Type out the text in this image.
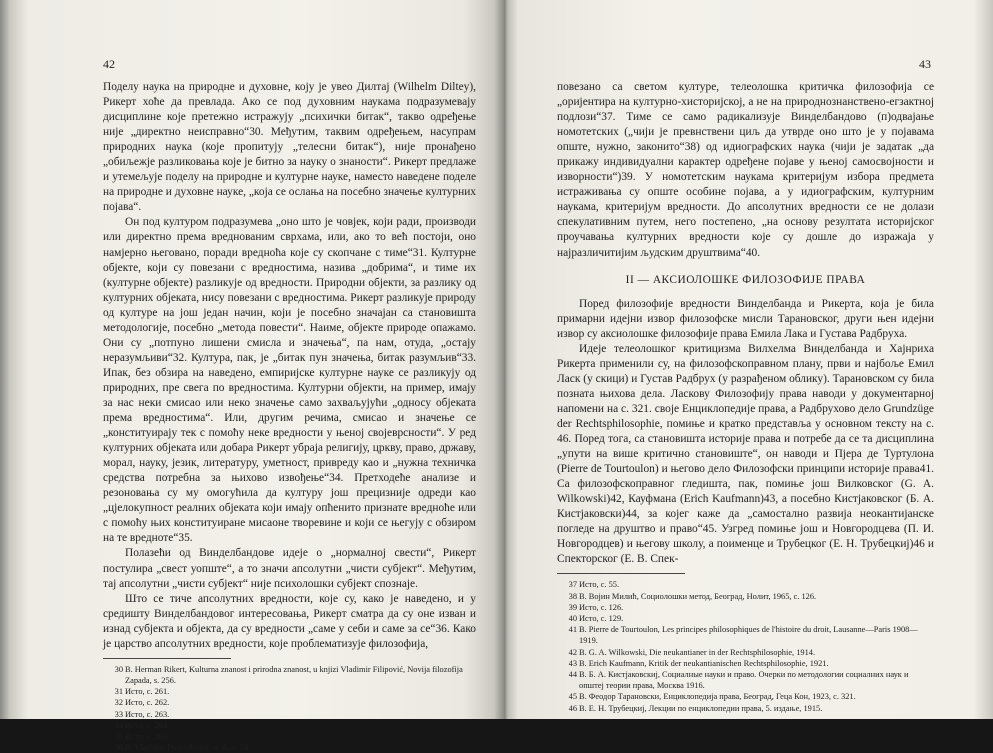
42

Поделу наука на природне и духовне, коју је увео Дилтај (Wilhelm Diltey), Рикерт хоће да превлада. Ако се под духовним наукама подразумевају дисциплине које претежно истражују „психички битак“, такво одређење није „директно неисправно“30. Међутим, таквим одређењем, насупрам природних наука (које пропитују „телесни битак“), није пронађено „обиљежје разликовања које је битно за науку о знаности“. Рикерт предлаже и утемељује поделу на природне и културне науке, наместо наведене поделе на природне и духовне науке, „која се ослања на посебно значење културних појава“.

Он под културом подразумева „оно што је човјек, који ради, производи или директно према вреднованим сврхама, или, ако то већ постоји, оно намјерно његовано, поради вредноћа које су скопчане с тиме“31. Културне објекте, који су повезани с вредностима, назива „добрима“, и тиме их (културне објекте) разликује од вредности. Природни објекти, за разлику од културних објеката, нису повезани с вредностима. Рикерт разликује природу од културе на још један начин, који је посебно значајан са становишта методологије, посебно „метода повести“. Наиме, објекте природе опажамо. Они су „потпуно лишени смисла и значења“, па нам, отуда, „остају неразумљиви“32. Култура, пак, је „битак пун значења, битак разумљив“33. Ипак, без обзира на наведено, емпиријске културне науке се разликују од природних, пре свега по вредностима. Културни објекти, на пример, имају за нас неки смисао или неко значење само захваљујући „односу објеката према вредностима“. Или, другим речима, смисао и значење се „конституирају тек с помоћу неке вредности у њеној својеврсности“. У ред културних објеката или добара Рикерт убраја религију, цркву, право, државу, морал, науку, језик, литературу, уметност, привреду као и „нужна техничка средства потребна за њихово извођење“34. Претходеће анализе и резоновања су му омогућила да културу још прецизније одреди као „цјелокупност реалних објеката који имају опћенито признате вредноће или с помоћу њих конституиране мисаоне творевине и који се његују с обзиром на те вредноте“35.

Полазећи од Винделбандове идеје о „нормалној свести“, Рикерт постулира „свест уопште“, а то значи апсолутни „чисти субјект“. Међутим, тај апсолутни „чисти субјект“ није психолошки субјект спознаје.

Што се тиче апсолутних вредности, које су, како је наведено, и у средишту Винделбандовог интересовања, Рикерт сматра да су оне изван и изнад субјекта и објекта, да су вредности „саме у себи и саме за се“36. Како је царство апсолутних вредности, које проблематизује филозофија,

30 B. Herman Rikert, Kulturna znanost i prirodna znanost, u knjizi Vladimir Filipović, Novija filozofija Zapada, s. 256.
31 Исто, с. 261.
32 Исто, с. 262.
33 Исто, с. 263.
34 Исто, с. 264.
35 Исто, с. 269.
36 B. Vladimir Dvorniković, n. d., s. 54.
43

повезано са светом културе, телеолошка критичка филозофија се „оријентира на културно-хисторијској, а не на природнознанствено-егзактној подлози“37. Тиме се само радикализује Винделбандово (п)одвајање номотетских („чији је превнствени циљ да утврде оно што је у појавама опште, нужно, законито“38) од идиографских наука (чији је задатак „да прикажу индивидуални карактер одређене појаве у њеној самосвојности и изворности“)39. У номотетским наукама критеријум избора предмета истраживања су опште особине појава, а у идиографским, културним наукама, критеријум вредности. До апсолутних вредности се не долази спекулативним путем, него постепено, „на основу резултата историјског проучавања културних вредности које су дошле до изражаја у најразличитијим људским друштвима“40.

II — АКСИОЛОШКЕ ФИЛОЗОФИЈЕ ПРАВА

Поред филозофије вредности Винделбанда и Рикерта, која је била примарни идејни извор филозофске мисли Тарановског, други њен идејни извор су аксиолошке филозофије права Емила Лака и Густава Радбруха.

Идеје телеолошког критицизма Вилхелма Винделбанда и Хајнриха Рикерта применили су, на филозофскоправном плану, први и најбоље Емил Ласк (у скици) и Густав Радбрух (у разрађеном облику). Тарановском су била позната њихова дела. Ласкову Филозофију права наводи у документарној напомени на с. 321. своје Енциклопедије права, а Радбрухово дело Grundzüge der Rechtsphilosophie, помиње и кратко представља у основном тексту на с. 46. Поред тога, са становишта историје права и потребе да се та дисциплина „упути на више критично становиште“, он наводи и Пјера де Туртулона (Pierre de Tourtoulon) и његово дело Филозофски принципи историје права41. Са филозофскоправног гледишта, пак, помиње још Вилковског (G. A. Wilkowski)42, Кауфмана (Erich Kaufmann)43, а посебно Кистјаковског (Б. А. Кистјаковски)44, за којег каже да „самостално развија неокантијанске погледе на друштво и право“45. Узгред помиње још и Новгородцева (П. И. Новгородцев) и његову школу, а поименце и Трубецког (Е. Н. Трубецкиј)46 и Спекторског (Е. В. Спек-

37 Исто, с. 55.
38 В. Војин Милић, Социолошки метод, Београд, Нолит, 1965, с. 126.
39 Исто, с. 126.
40 Исто, с. 129.
41 B. Pierre de Tourtoulon, Les principes philosophiques de l'histoire du droit, Lausanne—Paris 1908—1919.
42 B. G. A. Wilkowski, Die neukantianer in der Rechtsphilosophie, 1914.
43 B. Erich Kaufmann, Kritik der neukantianischen Rechtsphilosophie, 1921.
44 B. Б. А. Кистјаковскиј, Социалные науки и право. Очерки по методологии социалних наук и општеј теории права, Москва 1916.
45 В. Феодор Тарановски, Енциклопедија права, Београд, Геца Кон, 1923, с. 321.
46 В. Е. Н. Трубецкиј, Лекции по енциклопедии права, 5. издање, 1915.
